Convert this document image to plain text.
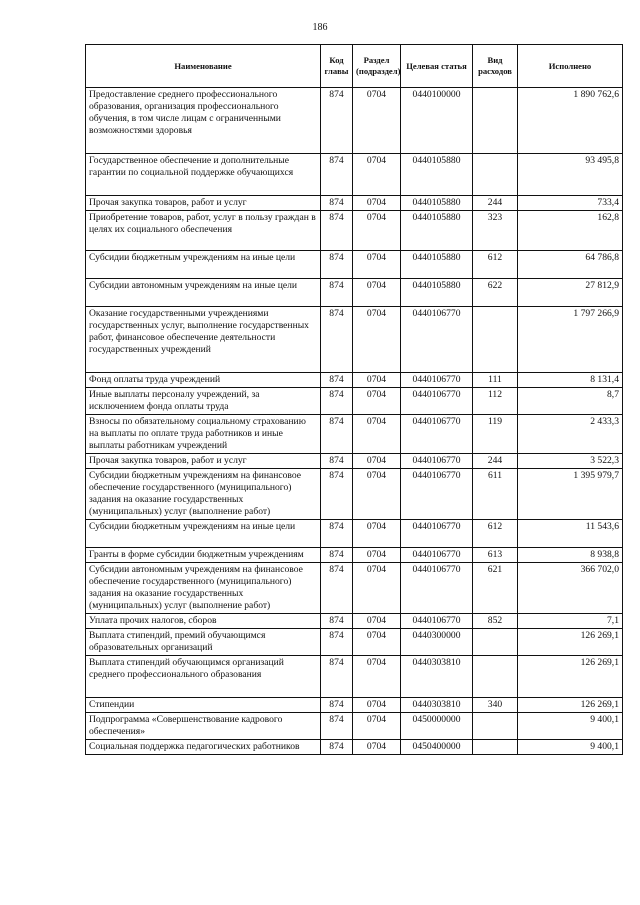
186
Наименование	Код главы	Раздел (подраздел)	Целевая статья	Вид расходов	Исполнено
Предоставление среднего профессионального образования, организация профессионального обучения, в том числе лицам с ограниченными возможностями здоровья	874	0704	0440100000		1 890 762,6
Государственное обеспечение и дополнительные гарантии по социальной поддержке обучающихся	874	0704	0440105880		93 495,8
Прочая закупка товаров, работ и услуг	874	0704	0440105880	244	733,4
Приобретение товаров, работ, услуг в пользу граждан в целях их социального обеспечения	874	0704	0440105880	323	162,8
Субсидии бюджетным учреждениям на иные цели	874	0704	0440105880	612	64 786,8
Субсидии автономным учреждениям на иные цели	874	0704	0440105880	622	27 812,9
Оказание государственными учреждениями государственных услуг, выполнение государственных работ, финансовое обеспечение деятельности государственных учреждений	874	0704	0440106770		1 797 266,9
Фонд оплаты труда учреждений	874	0704	0440106770	111	8 131,4
Иные выплаты персоналу учреждений, за исключением фонда оплаты труда	874	0704	0440106770	112	8,7
Взносы по обязательному социальному страхованию на выплаты по оплате труда работников и иные выплаты работникам учреждений	874	0704	0440106770	119	2 433,3
Прочая закупка товаров, работ и услуг	874	0704	0440106770	244	3 522,3
Субсидии бюджетным учреждениям на финансовое обеспечение государственного (муниципального) задания на оказание государственных (муниципальных) услуг (выполнение работ)	874	0704	0440106770	611	1 395 979,7
Субсидии бюджетным учреждениям на иные цели	874	0704	0440106770	612	11 543,6
Гранты в форме субсидии бюджетным учреждениям	874	0704	0440106770	613	8 938,8
Субсидии автономным учреждениям на финансовое обеспечение государственного (муниципального) задания на оказание государственных (муниципальных) услуг (выполнение работ)	874	0704	0440106770	621	366 702,0
Уплата прочих налогов, сборов	874	0704	0440106770	852	7,1
Выплата стипендий, премий обучающимся образовательных организаций	874	0704	0440300000		126 269,1
Выплата стипендий обучающимся организаций среднего профессионального образования	874	0704	0440303810		126 269,1
Стипендии	874	0704	0440303810	340	126 269,1
Подпрограмма «Совершенствование кадрового обеспечения»	874	0704	0450000000		9 400,1
Социальная поддержка педагогических работников	874	0704	0450400000		9 400,1
